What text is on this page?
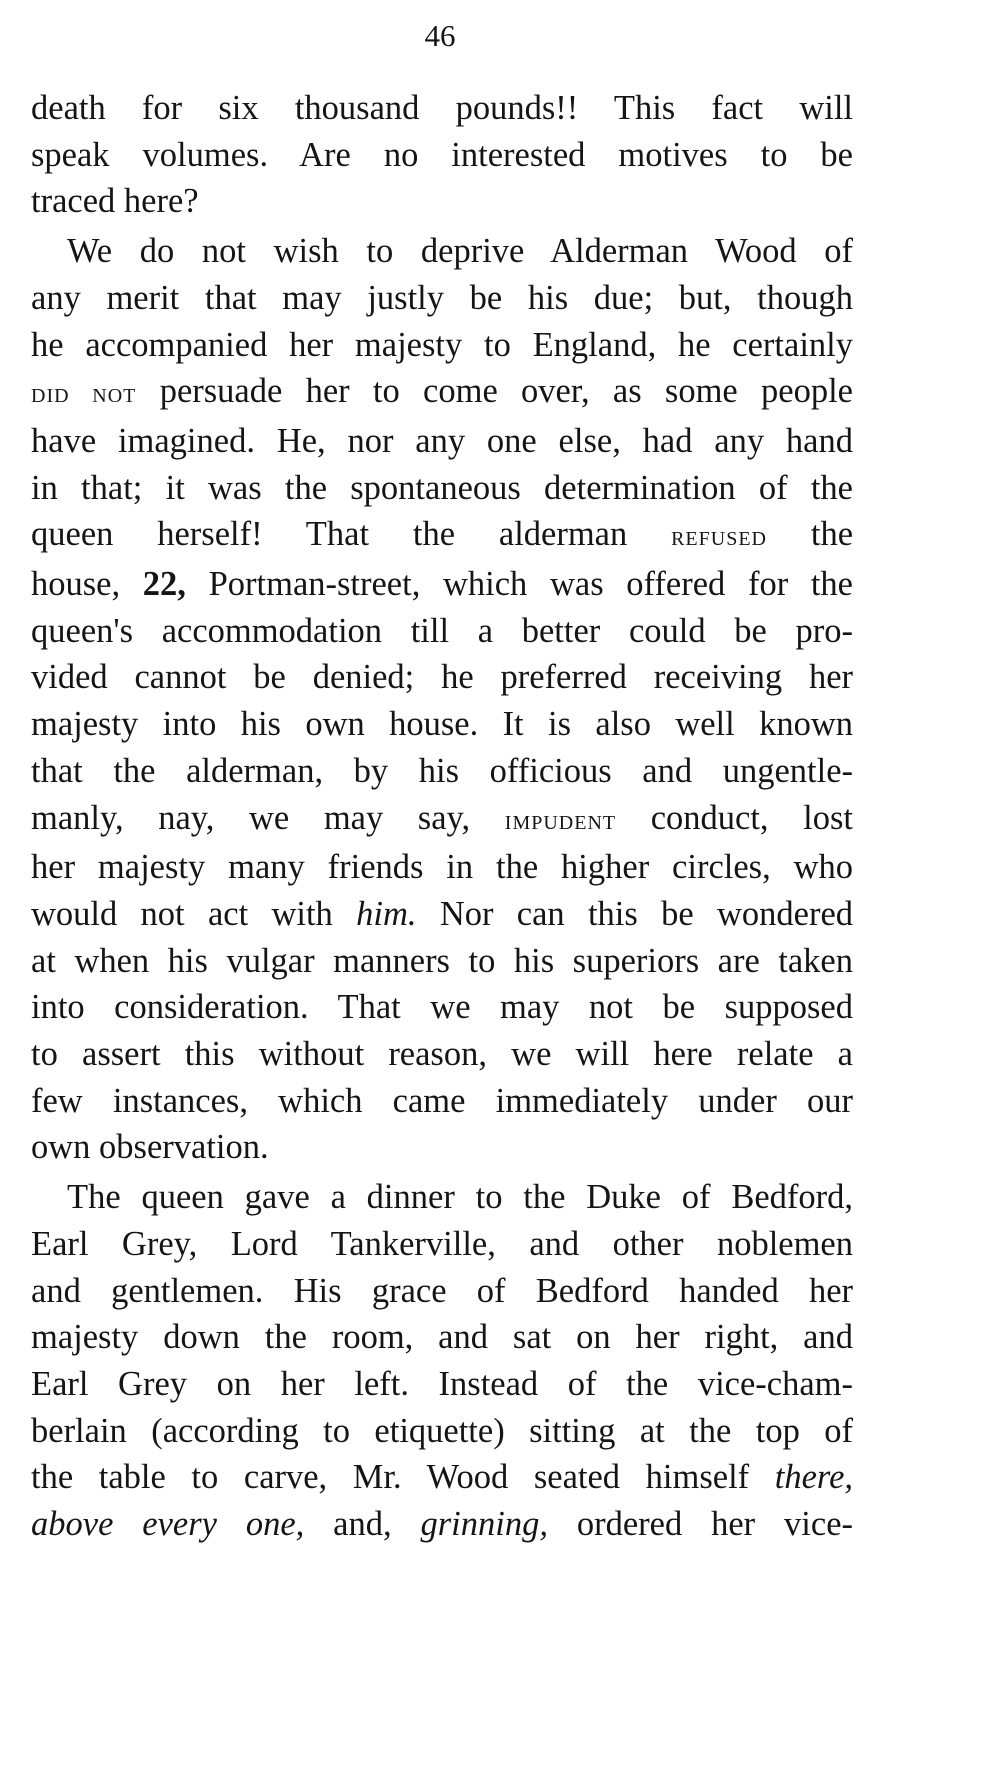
46

death for six thousand pounds!! This fact will
speak volumes. Are no interested motives to be
traced here?

We do not wish to deprive Alderman Wood of
any merit that may justly be his due; but, though
he accompanied her majesty to England, he certainly
did not persuade her to come over, as some people
have imagined. He, nor any one else, had any hand
in that; it was the spontaneous determination of the
queen herself! That the alderman refused the
house, 22, Portman-street, which was offered for the
queen's accommodation till a better could be pro-
vided cannot be denied; he preferred receiving her
majesty into his own house. It is also well known
that the alderman, by his officious and ungentle-
manly, nay, we may say, impudent conduct, lost
her majesty many friends in the higher circles, who
would not act with him. Nor can this be wondered
at when his vulgar manners to his superiors are taken
into consideration. That we may not be supposed
to assert this without reason, we will here relate a
few instances, which came immediately under our
own observation.

The queen gave a dinner to the Duke of Bedford,
Earl Grey, Lord Tankerville, and other noblemen
and gentlemen. His grace of Bedford handed her
majesty down the room, and sat on her right, and
Earl Grey on her left. Instead of the vice-cham-
berlain (according to etiquette) sitting at the top of
the table to carve, Mr. Wood seated himself there,
above every one, and, grinning, ordered her vice-
